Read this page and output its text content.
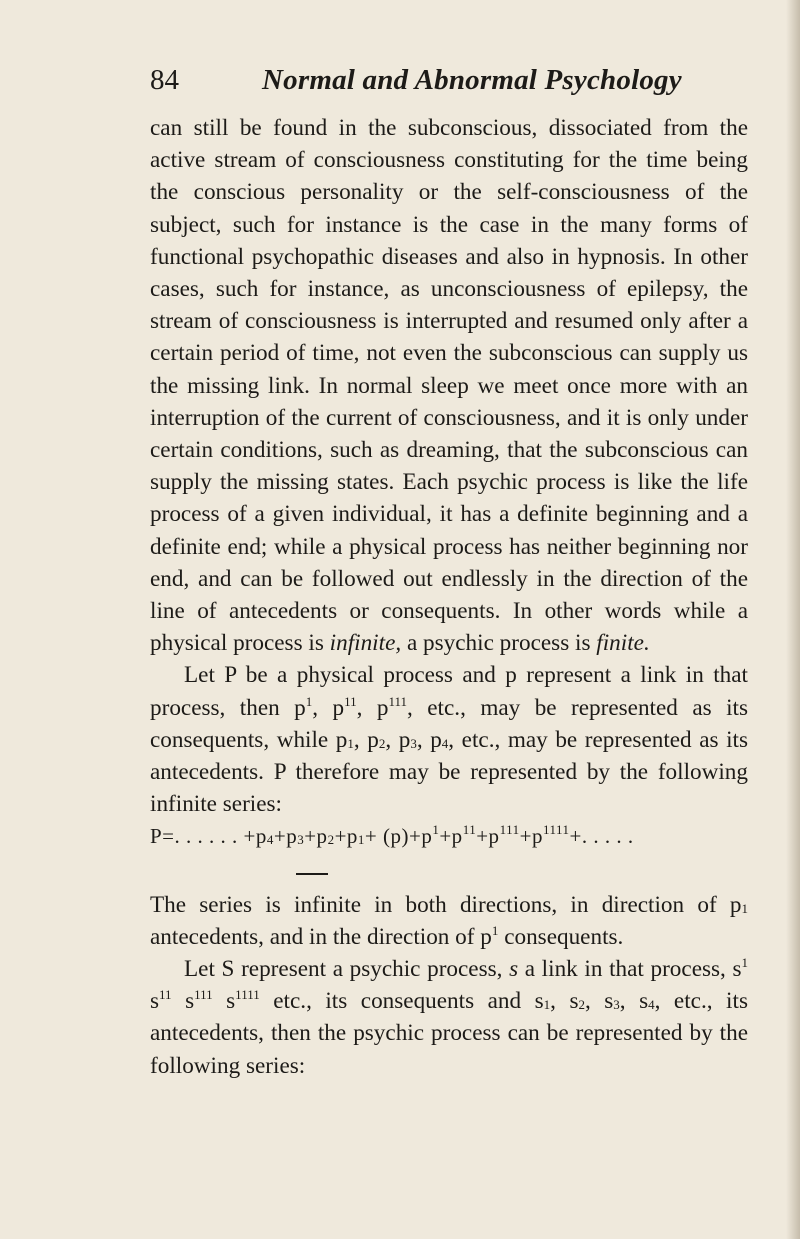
84	Normal and Abnormal Psychology

can still be found in the subconscious, dissociated from the active stream of consciousness constituting for the time being the conscious personality or the self-consciousness of the subject, such for instance is the case in the many forms of functional psychopathic diseases and also in hypnosis. In other cases, such for instance, as unconsciousness of epilepsy, the stream of consciousness is interrupted and resumed only after a certain period of time, not even the subconscious can supply us the missing link. In normal sleep we meet once more with an interruption of the current of consciousness, and it is only under certain conditions, such as dreaming, that the subconscious can supply the missing states. Each psychic process is like the life process of a given individual, it has a definite beginning and a definite end; while a physical process has neither beginning nor end, and can be followed out endlessly in the direction of the line of antecedents or consequents. In other words while a physical process is infinite, a psychic process is finite.

Let P be a physical process and p represent a link in that process, then $p^1$, $p^{11}$, $p^{111}$, etc., may be represented as its consequents, while $p_1$, $p_2$, $p_3$, $p_4$, etc., may be represented as its antecedents. P therefore may be represented by the following infinite series:

P=. . . . . . $+p_4+p_3+p_2+p_1+ (p)+p^1+p^{11}+p^{111}+p^{1111}+$. . . . .

The series is infinite in both directions, in direction of $p_1$ antecedents, and in the direction of $p^1$ consequents.

Let S represent a psychic process, s a link in that process, $s^1$ $s^{11}$ $s^{111}$ $s^{1111}$ etc., its consequents and $s_1$, $s_2$, $s_3$, $s_4$, etc., its antecedents, then the psychic process can be represented by the following series:
